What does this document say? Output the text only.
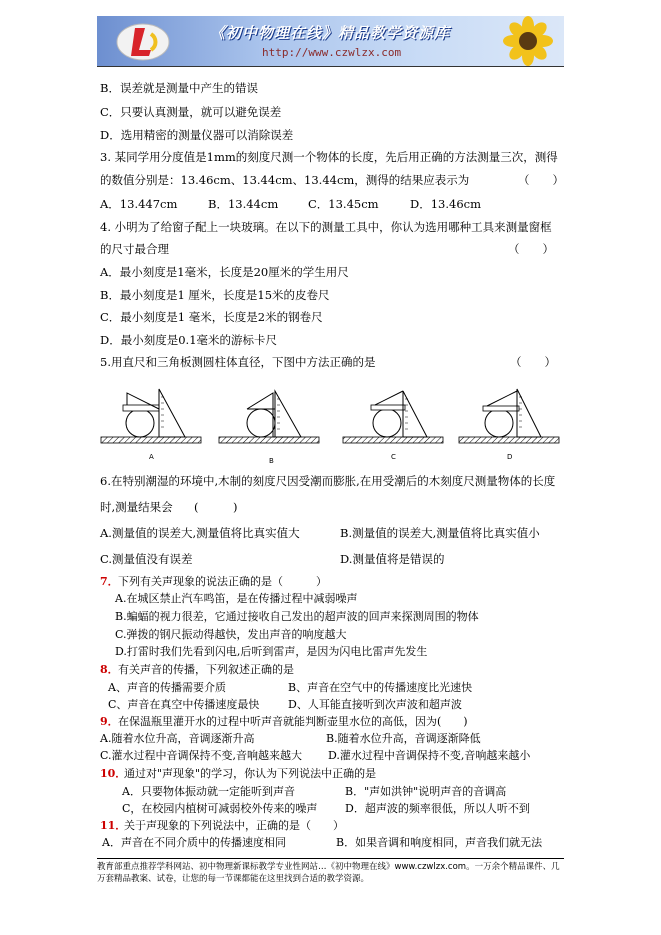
《初中物理在线》精品教学资源库
http://www.czwlzx.com
B．误差就是测量中产生的错误
C．只要认真测量，就可以避免误差
D．选用精密的测量仪器可以消除误差
3. 某同学用分度值是1mm的刻度尺测一个物体的长度，先后用正确的方法测量三次，测得
的数值分别是：13.46cm、13.44cm、13.44cm，测得的结果应表示为	（　　）
A．13.447cm	B．13.44cm	C．13.45cm	D．13.46cm
4. 小明为了给窗子配上一块玻璃。在以下的测量工具中，你认为选用哪种工具来测量窗框
的尺寸最合理	（　　）
A．最小刻度是1毫米，长度是20厘米的学生用尺
B．最小刻度是1 厘米，长度是15米的皮卷尺
C．最小刻度是1 毫米，长度是2米的钢卷尺
D．最小刻度是0.1毫米的游标卡尺
5.用直尺和三角板测圆柱体直径，下图中方法正确的是	（　　）
A	B	C	D
6.在特别潮湿的环境中,木制的刻度尺因受潮而膨胀,在用受潮后的木刻度尺测量物体的长度
时,测量结果会 (　　　)
A.测量值的误差大,测量值将比真实值大	B.测量值的误差大,测量值将比真实值小
C.测量值没有误差	D.测量值将是错误的
7． 下列有关声现象的说法正确的是（　　　）
A.在城区禁止汽车鸣笛，是在传播过程中减弱噪声
B.蝙蝠的视力很差，它通过接收自己发出的超声波的回声来探测周围的物体
C.弹拨的钢尺振动得越快，发出声音的响度越大
D.打雷时我们先看到闪电,后听到雷声，是因为闪电比雷声先发生
8． 有关声音的传播，下列叙述正确的是
A、声音的传播需要介质	B、声音在空气中的传播速度比光速快
C、声音在真空中传播速度最快	D、人耳能直接听到次声波和超声波
9． 在保温瓶里灌开水的过程中听声音就能判断壶里水位的高低，因为(　　)
A.随着水位升高，音调逐渐升高	B.随着水位升高，音调逐渐降低
C.灌水过程中音调保持不变,音响越来越大 D.灌水过程中音调保持不变,音响越来越小
10．
通过对"声现象"的学习，你认为下列说法中正确的是
A．只要物体振动就一定能听到声音	B．"声如洪钟"说明声音的音调高
C，在校园内植树可减弱校外传来的噪声	D．超声波的频率很低，所以人听不到
11．
关于声现象的下列说法中，正确的是（　　）
A．声音在不同介质中的传播速度相同	B．如果音调和响度相同，声音我们就无法
教育部重点推荐学科网站、初中物理新课标教学专业性网站…《初中物理在线》www.czwlzx.com。一万余个精品课件、几万套精品教案、试卷，让您的每一节课都能在这里找到合适的教学资源。
